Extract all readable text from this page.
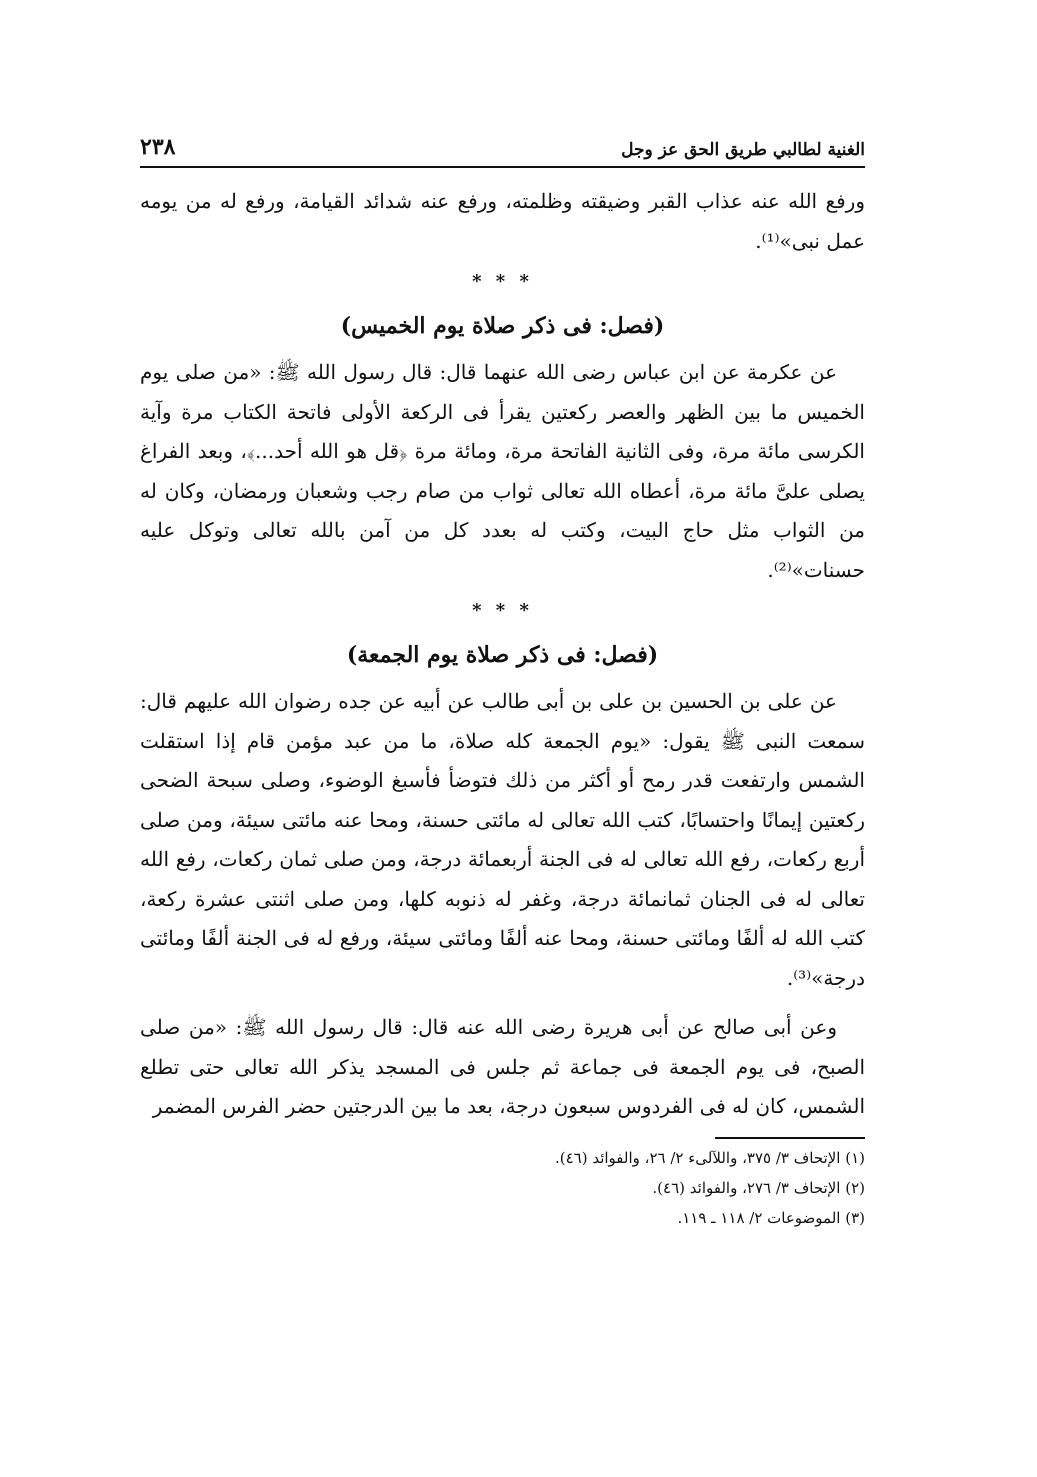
الغنية لطالبي طريق الحق عز وجل
٢٣٨

ورفع الله عنه عذاب القبر وضيقته وظلمته، ورفع عنه شدائد القيامة، ورفع له من يومه عمل نبى»⁽¹⁾.

* * *
(فصل: فى ذكر صلاة يوم الخميس)

عن عكرمة عن ابن عباس رضى الله عنهما قال: قال رسول الله ﷺ: «من صلى يوم الخميس ما بين الظهر والعصر ركعتين يقرأ فى الركعة الأولى فاتحة الكتاب مرة وآية الكرسى مائة مرة، وفى الثانية الفاتحة مرة، ومائة مرة ﴿قل هو الله أحد...﴾، وبعد الفراغ يصلى علىَّ مائة مرة، أعطاه الله تعالى ثواب من صام رجب وشعبان ورمضان، وكان له من الثواب مثل حاج البيت، وكتب له بعدد كل من آمن بالله تعالى وتوكل عليه حسنات»⁽²⁾.

* * *
(فصل: فى ذكر صلاة يوم الجمعة)

عن على بن الحسين بن على بن أبى طالب عن أبيه عن جده رضوان الله عليهم قال: سمعت النبى ﷺ يقول: «يوم الجمعة كله صلاة، ما من عبد مؤمن قام إذا استقلت الشمس وارتفعت قدر رمح أو أكثر من ذلك فتوضأ فأسبغ الوضوء، وصلى سبحة الضحى ركعتين إيمانًا واحتسابًا، كتب الله تعالى له مائتى حسنة، ومحا عنه مائتى سيئة، ومن صلى أربع ركعات، رفع الله تعالى له فى الجنة أربعمائة درجة، ومن صلى ثمان ركعات، رفع الله تعالى له فى الجنان ثمانمائة درجة، وغفر له ذنوبه كلها، ومن صلى اثنتى عشرة ركعة، كتب الله له ألفًا ومائتى حسنة، ومحا عنه ألفًا ومائتى سيئة، ورفع له فى الجنة ألفًا ومائتى درجة»⁽³⁾.

وعن أبى صالح عن أبى هريرة رضى الله عنه قال: قال رسول الله ﷺ: «من صلى الصبح، فى يوم الجمعة فى جماعة ثم جلس فى المسجد يذكر الله تعالى حتى تطلع الشمس، كان له فى الفردوس سبعون درجة، بعد ما بين الدرجتين حضر الفرس المضمر

(١) الإتحاف ٣/ ٣٧٥، واللآلىء ٢/ ٢٦، والفوائد (٤٦).

(٢) الإتحاف ٣/ ٢٧٦، والفوائد (٤٦).

(٣) الموضوعات ٢/ ١١٨ ـ ١١٩.
